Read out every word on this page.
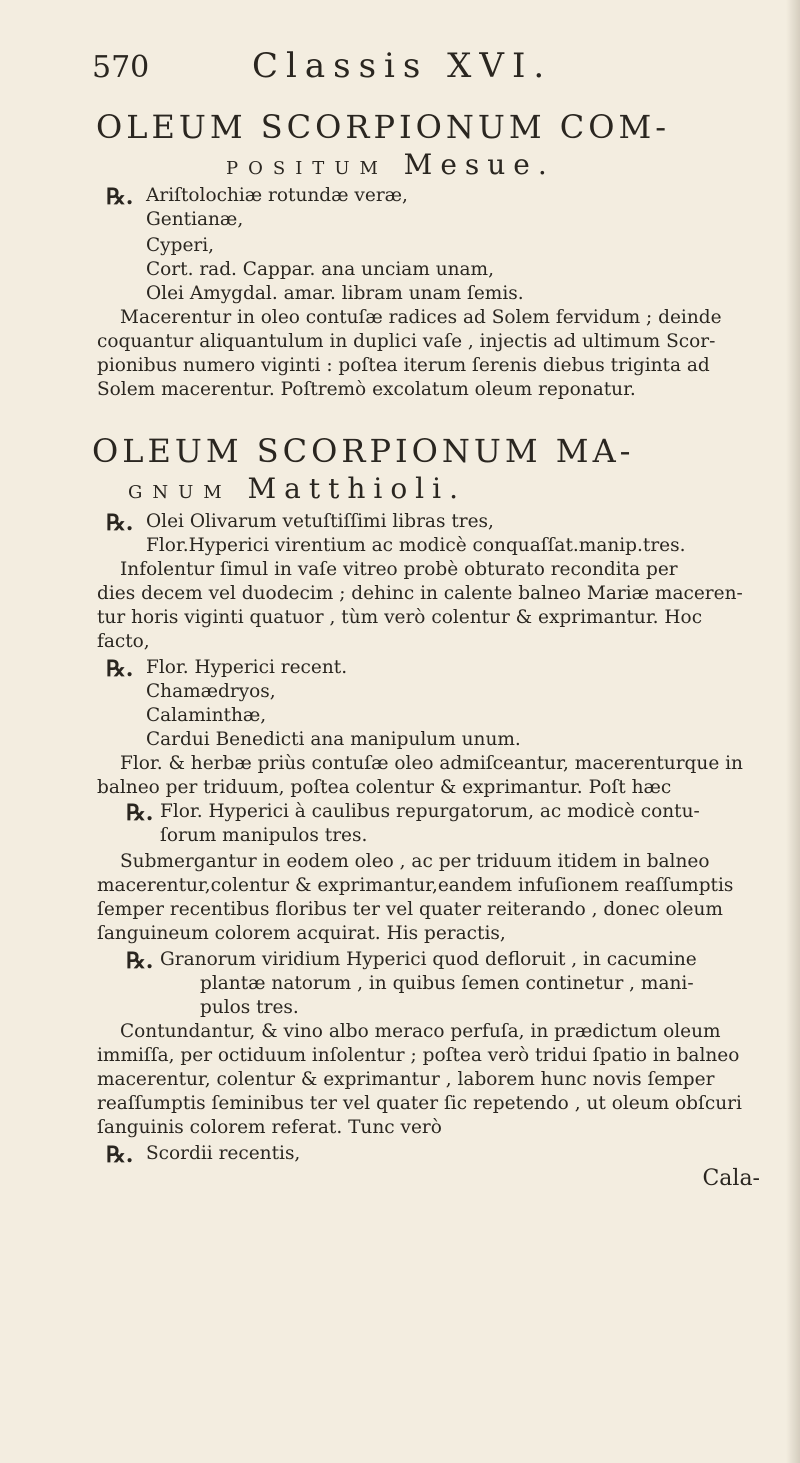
570	Classis XVI.
OLEUM SCORPIONUM COM-
POSITUM Mesue.
℞. Ariſtolochiæ rotundæ veræ,
Gentianæ,
Cyperi,
Cort. rad. Cappar. ana unciam unam,
Olei Amygdal. amar. libram unam ſemis.
Macerentur in oleo contuſæ radices ad Solem fervidum ; deinde
coquantur aliquantulum in duplici vaſe , injectis ad ultimum Scor-
pionibus numero viginti : poſtea iterum ſerenis diebus triginta ad
Solem macerentur. Poſtremò excolatum oleum reponatur.
OLEUM SCORPIONUM MA-
GNUM Matthioli.
℞. Olei Olivarum vetuſtiſſimi libras tres,
Flor.Hyperici virentium ac modicè conquaſſat.manip.tres.
Infolentur ſimul in vaſe vitreo probè obturato recondita per
dies decem vel duodecim ; dehinc in calente balneo Mariæ maceren-
tur horis viginti quatuor , tùm verò colentur & exprimantur. Hoc
facto,
℞. Flor. Hyperici recent.
Chamædryos,
Calaminthæ,
Cardui Benedicti ana manipulum unum.
Flor. & herbæ priùs contuſæ oleo admiſceantur, macerenturque in
balneo per triduum, poſtea colentur & exprimantur. Poſt hæc
℞. Flor. Hyperici à caulibus repurgatorum, ac modicè contu-
ſorum manipulos tres.
Submergantur in eodem oleo , ac per triduum itidem in balneo
macerentur,colentur & exprimantur,eandem infuſionem reaſſumptis
ſemper recentibus floribus ter vel quater reiterando , donec oleum
ſanguineum colorem acquirat. His peractis,
℞. Granorum viridium Hyperici quod defloruit , in cacumine
plantæ natorum , in quibus ſemen continetur , mani-
pulos tres.
Contundantur, & vino albo meraco perfuſa, in prædictum oleum
immiſſa, per octiduum inſolentur ; poſtea verò tridui ſpatio in balneo
macerentur, colentur & exprimantur , laborem hunc novis ſemper
reaſſumptis ſeminibus ter vel quater ſic repetendo , ut oleum obſcuri
ſanguinis colorem referat. Tunc verò
℞. Scordii recentis,
Cala-
